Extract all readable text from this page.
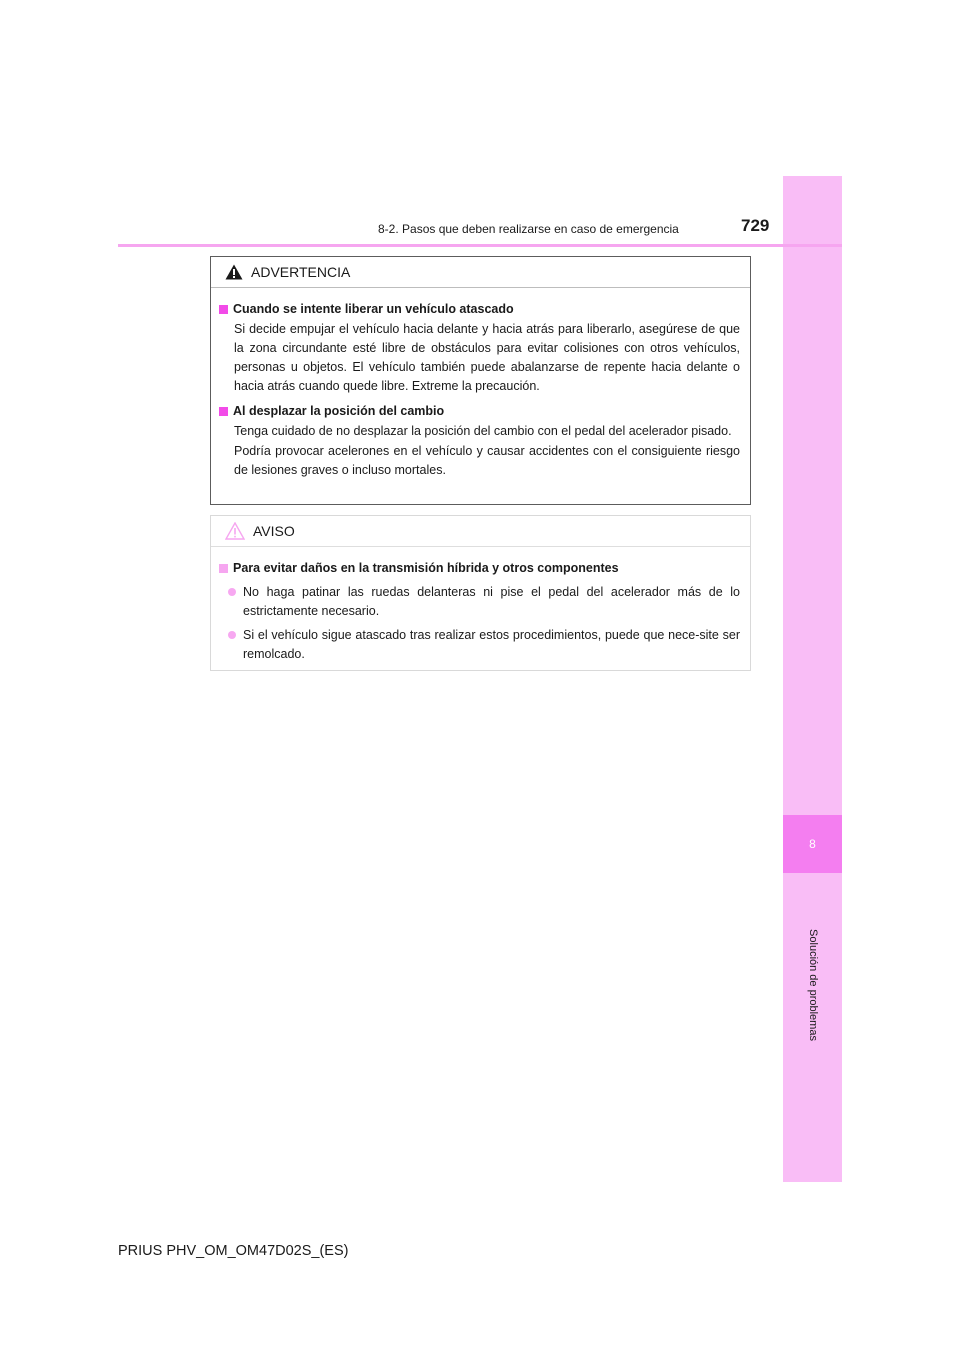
8
Solución de problemas
8-2. Pasos que deben realizarse en caso de emergencia	729
ADVERTENCIA
Cuando se intente liberar un vehículo atascado
Si decide empujar el vehículo hacia delante y hacia atrás para liberarlo, asegúrese de que la zona circundante esté libre de obstáculos para evitar colisiones con otros vehículos, personas u objetos. El vehículo también puede abalanzarse de repente hacia delante o hacia atrás cuando quede libre. Extreme la precaución.
Al desplazar la posición del cambio
Tenga cuidado de no desplazar la posición del cambio con el pedal del acelerador pisado.
Podría provocar acelerones en el vehículo y causar accidentes con el consiguiente riesgo de lesiones graves o incluso mortales.
AVISO
Para evitar daños en la transmisión híbrida y otros componentes
No haga patinar las ruedas delanteras ni pise el pedal del acelerador más de lo estrictamente necesario.
Si el vehículo sigue atascado tras realizar estos procedimientos, puede que nece-site ser remolcado.
PRIUS PHV_OM_OM47D02S_(ES)
